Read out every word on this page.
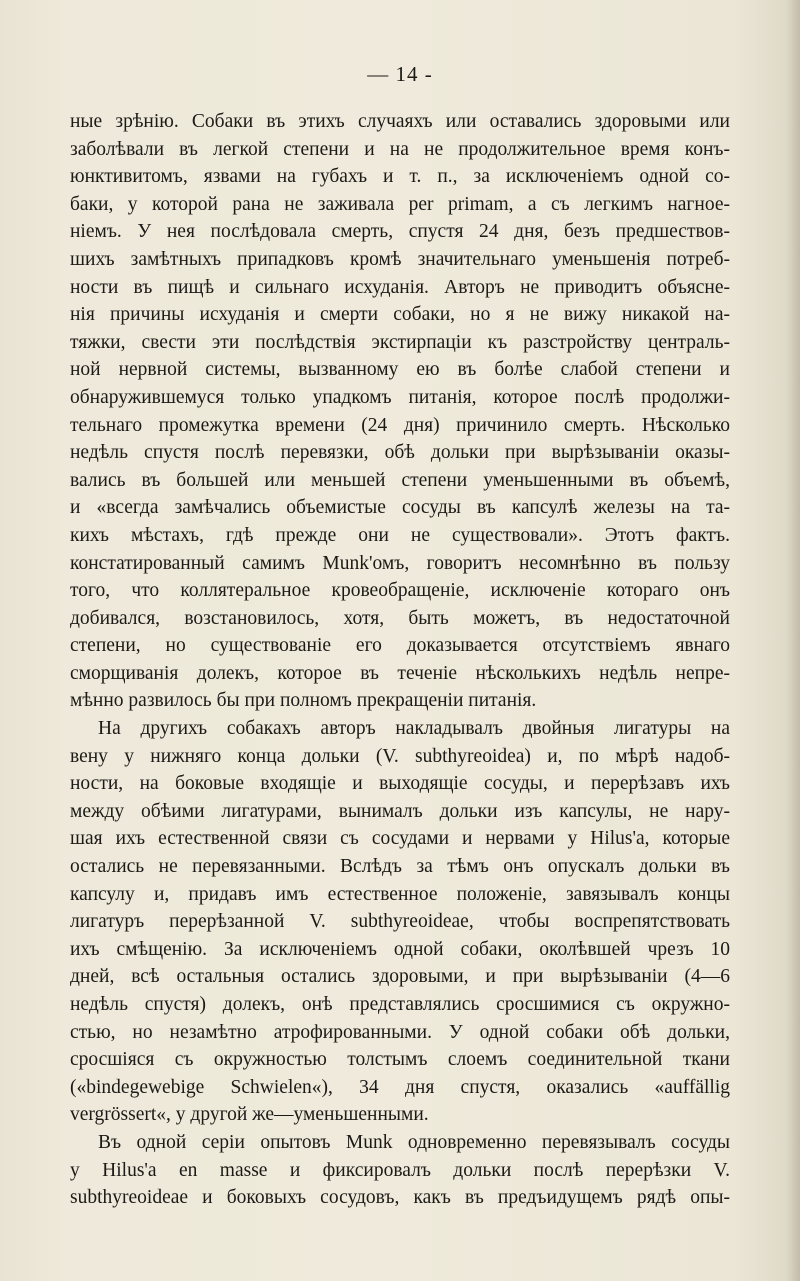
— 14 -
ные зрѣнію. Собаки въ этихъ случаяхъ или оставались здоровыми или
заболѣвали въ легкой степени и на не продолжительное время конъ-
юнктивитомъ, язвами на губахъ и т. п., за исключеніемъ одной со-
баки, у которой рана не заживала per primam, а съ легкимъ нагное-
ніемъ. У нея послѣдовала смерть, спустя 24 дня, безъ предшествов-
шихъ замѣтныхъ припадковъ кромѣ значительнаго уменьшенія потреб-
ности въ пищѣ и сильнаго исхуданія. Авторъ не приводитъ объясне-
нія причины исхуданія и смерти собаки, но я не вижу никакой на-
тяжки, свести эти послѣдствія экстирпаціи къ разстройству централь-
ной нервной системы, вызванному ею въ болѣе слабой степени и
обнаружившемуся только упадкомъ питанія, которое послѣ продолжи-
тельнаго промежутка времени (24 дня) причинило смерть. Нѣсколько
недѣль спустя послѣ перевязки, обѣ дольки при вырѣзываніи оказы-
вались въ большей или меньшей степени уменьшенными въ объемѣ,
и «всегда замѣчались объемистые сосуды въ капсулѣ железы на та-
кихъ мѣстахъ, гдѣ прежде они не существовали». Этотъ фактъ.
констатированный самимъ Munk'омъ, говоритъ несомнѣнно въ пользу
того, что коллятеральное кровеобращеніе, исключеніе котораго онъ
добивался, возстановилось, хотя, быть можетъ, въ недостаточной
степени, но существованіе его доказывается отсутствіемъ явнаго
сморщиванія долекъ, которое въ теченіе нѣсколькихъ недѣль непре-
мѣнно развилось бы при полномъ прекращеніи питанія.
На другихъ собакахъ авторъ накладывалъ двойныя лигатуры на
вену у нижняго конца дольки (V. subthyreoidea) и, по мѣрѣ надоб-
ности, на боковые входящіе и выходящіе сосуды, и перерѣзавъ ихъ
между обѣими лигатурами, вынималъ дольки изъ капсулы, не нару-
шая ихъ естественной связи съ сосудами и нервами у Hilus'а, которые
остались не перевязанными. Вслѣдъ за тѣмъ онъ опускалъ дольки въ
капсулу и, придавъ имъ естественное положеніе, завязывалъ концы
лигатуръ перерѣзанной V. subthyreoideae, чтобы воспрепятствовать
ихъ смѣщенію. За исключеніемъ одной собаки, околѣвшей чрезъ 10
дней, всѣ остальныя остались здоровыми, и при вырѣзываніи (4—6
недѣль спустя) долекъ, онѣ представлялись сросшимися съ окружно-
стью, но незамѣтно атрофированными. У одной собаки обѣ дольки,
сросшіяся съ окружностью толстымъ слоемъ соединительной ткани
(«bindegewebige Schwielen«), 34 дня спустя, оказались «auffällig
vergrössert«, у другой же—уменьшенными.
Въ одной серіи опытовъ Munk одновременно перевязывалъ сосуды
у Hilus'а en masse и фиксировалъ дольки послѣ перерѣзки V.
subthyreoideae и боковыхъ сосудовъ, какъ въ предъидущемъ рядѣ опы-
